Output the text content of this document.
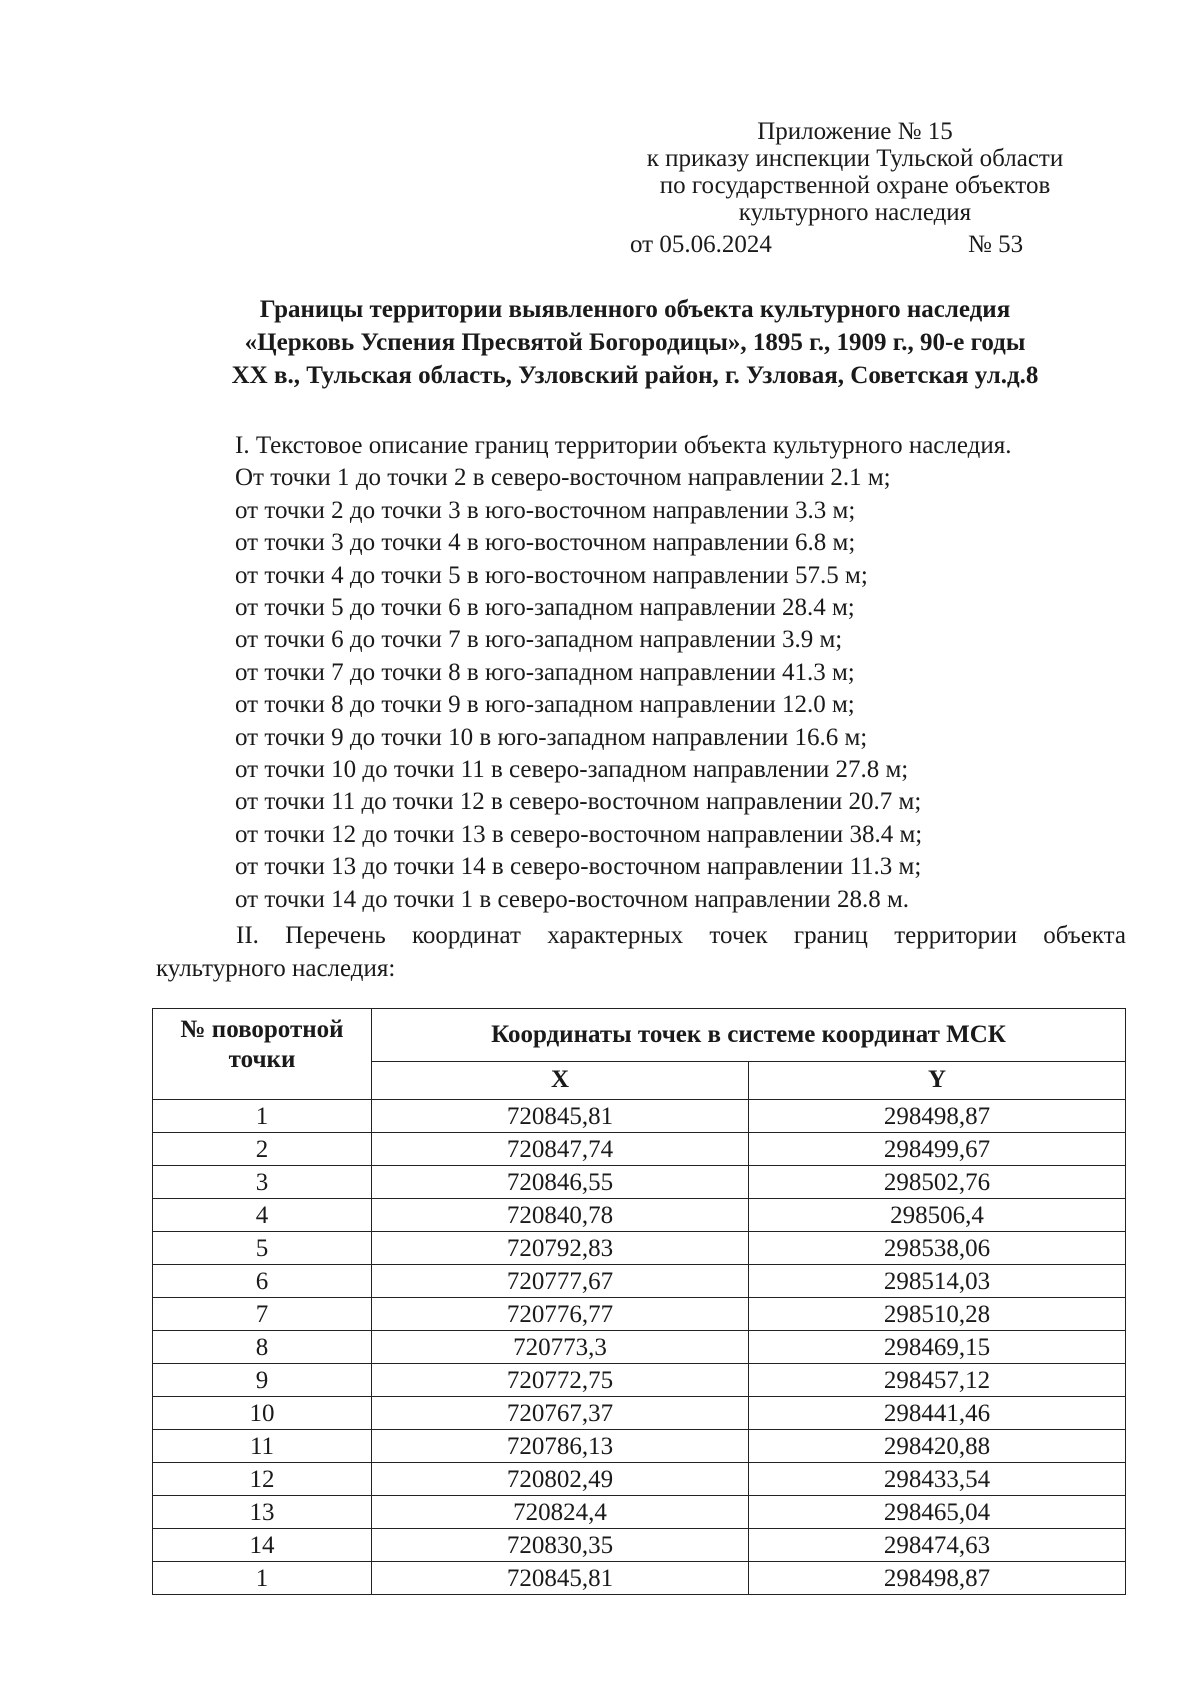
Приложение № 15
к приказу инспекции Тульской области
по государственной охране объектов
культурного наследия
от 05.06.2024	№ 53
Границы территории выявленного объекта культурного наследия
«Церковь Успения Пресвятой Богородицы», 1895 г., 1909 г., 90-е годы
XX в., Тульская область, Узловский район, г. Узловая, Советская ул.д.8
I. Текстовое описание границ территории объекта культурного наследия.
От точки 1 до точки 2 в северо-восточном направлении 2.1 м;
от точки 2 до точки 3 в юго-восточном направлении 3.3 м;
от точки 3 до точки 4 в юго-восточном направлении 6.8 м;
от точки 4 до точки 5 в юго-восточном направлении 57.5 м;
от точки 5 до точки 6 в юго-западном направлении 28.4 м;
от точки 6 до точки 7 в юго-западном направлении 3.9 м;
от точки 7 до точки 8 в юго-западном направлении 41.3 м;
от точки 8 до точки 9 в юго-западном направлении 12.0 м;
от точки 9 до точки 10 в юго-западном направлении 16.6 м;
от точки 10 до точки 11 в северо-западном направлении 27.8 м;
от точки 11 до точки 12 в северо-восточном направлении 20.7 м;
от точки 12 до точки 13 в северо-восточном направлении 38.4 м;
от точки 13 до точки 14 в северо-восточном направлении 11.3 м;
от точки 14 до точки 1 в северо-восточном направлении 28.8 м.
II. Перечень координат характерных точек границ территории объекта
культурного наследия:
№ поворотной точки	Координаты точек в системе координат МСК	
	X	Y
1	720845,81	298498,87
2	720847,74	298499,67
3	720846,55	298502,76
4	720840,78	298506,4
5	720792,83	298538,06
6	720777,67	298514,03
7	720776,77	298510,28
8	720773,3	298469,15
9	720772,75	298457,12
10	720767,37	298441,46
11	720786,13	298420,88
12	720802,49	298433,54
13	720824,4	298465,04
14	720830,35	298474,63
1	720845,81	298498,87
